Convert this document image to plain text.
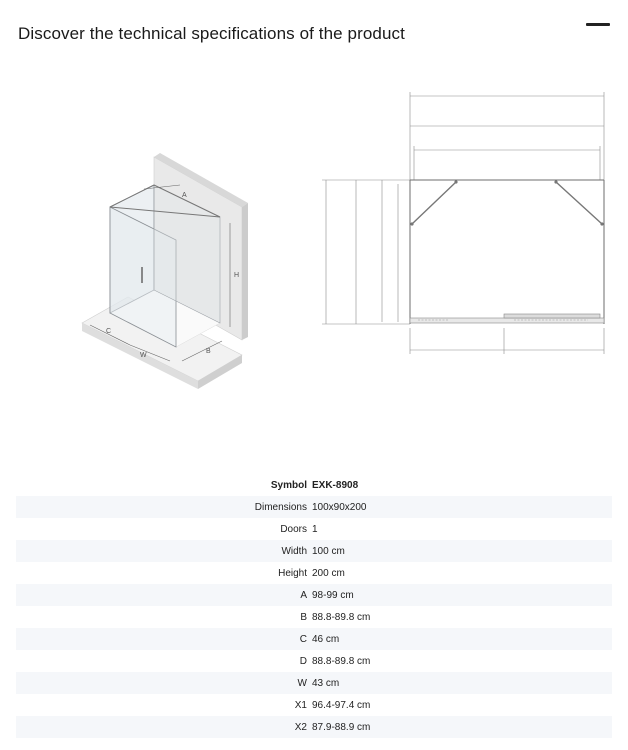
Discover the technical specifications of the product
A
H
C
W
B
Symbol EXK-8908
Dimensions 100x90x200
Doors 1
Width 100 cm
Height 200 cm
A 98-99 cm
B 88.8-89.8 cm
C 46 cm
D 88.8-89.8 cm
W 43 cm
X1 96.4-97.4 cm
X2 87.9-88.9 cm
